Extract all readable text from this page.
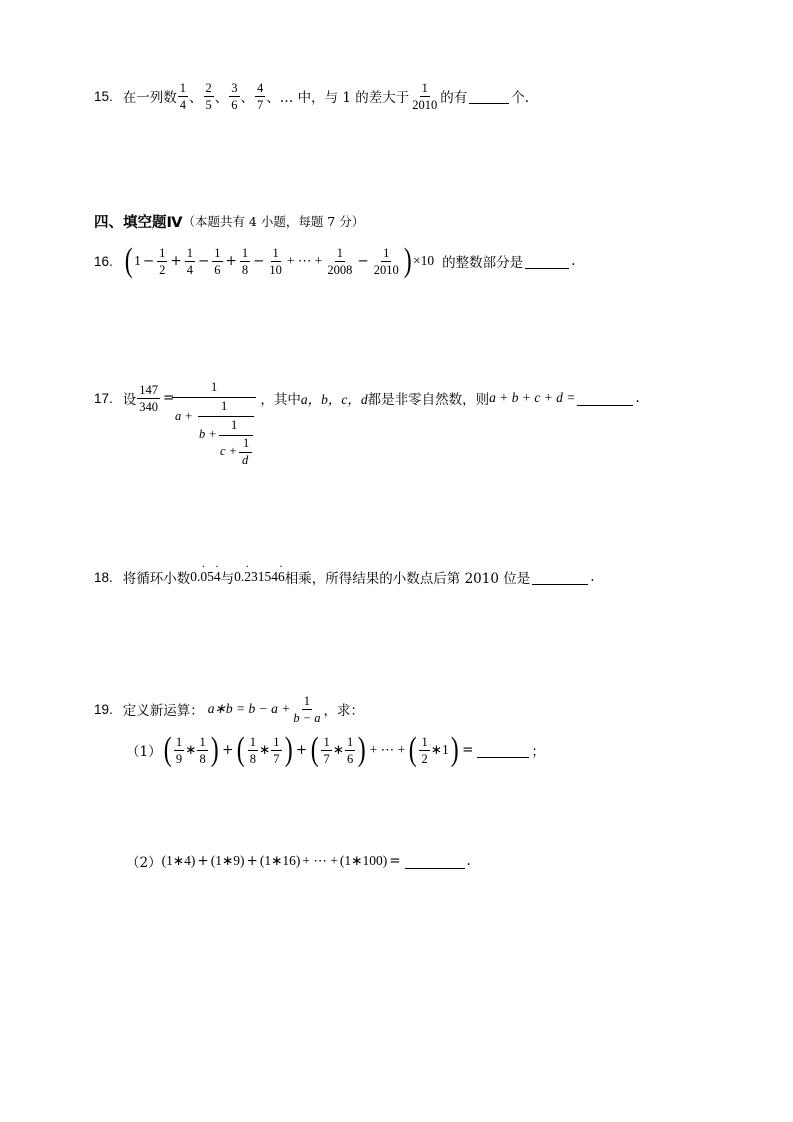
15. 在一列数 $\frac{1}{4}$ 、 $\frac{2}{5}$ 、 $\frac{3}{6}$ 、 $\frac{4}{7}$ 、 … 中，与 1 的差大于 $\frac{1}{2010}$ 的有	个.
四、填空题Ⅳ （本题共有 4 小题，每题 7 分）
16. ( $1 - \frac{1}{2} + \frac{1}{4} - \frac{1}{6} + \frac{1}{8} - \frac{1}{10}$ + ⋯ + $\frac{1}{2008} - \frac{1}{2010}$ ) ×10 的整数部分是	.
17. 设 $\frac{147}{340}$ =	，其中 a，b，c，d 都是非零自然数，则 a + b + c + d =	.
1
a +
1
b +
1
c +
1
d
18. 将循环小数 0.0 ·54 · 与 0.2 ·31546 · 相乘，所得结果的小数点后第 2010 位是	.
19. 定义新运算： a∗b = $b - a + \frac{1}{b - a}$ ，求：
（1） ( $\frac{1}{9}$ ∗ $\frac{1}{8}$ ) + ( $\frac{1}{8}$ ∗ $\frac{1}{7}$ ) + ( $\frac{1}{7}$ ∗ $\frac{1}{6}$ ) + ⋯ + ( $\frac{1}{2}$ ∗ 1 ) =	；
（2） (1∗4) + (1∗9) + (1∗16) + ⋯ + (1∗100) =	.
